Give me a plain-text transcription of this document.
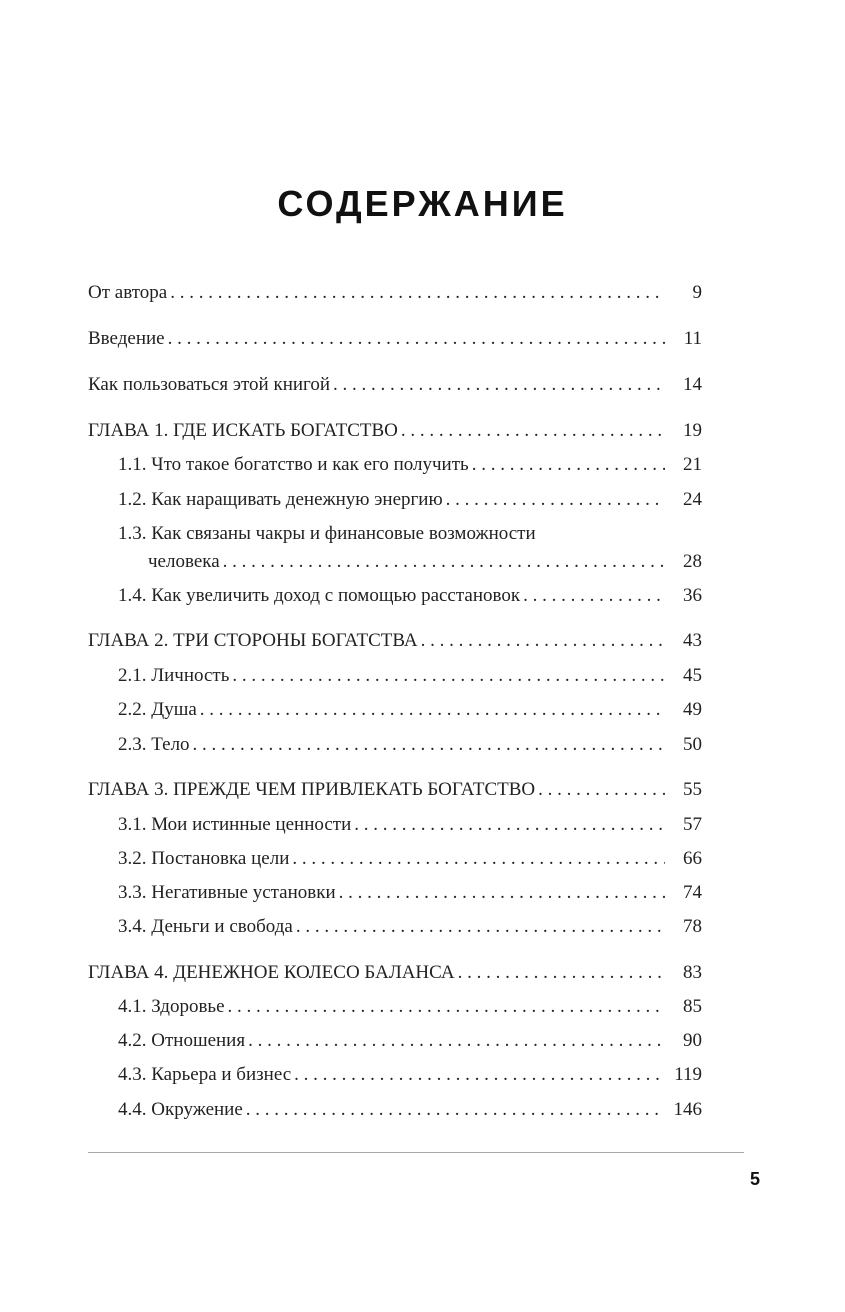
СОДЕРЖАНИЕ
От автора . . .	9
Введение . . .	11
Как пользоваться этой книгой . . .	14
ГЛАВА 1. ГДЕ ИСКАТЬ БОГАТСТВО . . .	19
1.1. Что такое богатство и как его получить . . .	21
1.2. Как наращивать денежную энергию . . .	24
1.3. Как связаны чакры и финансовые возможности
человека . . .	28
1.4. Как увеличить доход с помощью расстановок . . .	36
ГЛАВА 2. ТРИ СТОРОНЫ БОГАТСТВА . . .	43
2.1. Личность . . .	45
2.2. Душа . . .	49
2.3. Тело . . .	50
ГЛАВА 3. ПРЕЖДЕ ЧЕМ ПРИВЛЕКАТЬ БОГАТСТВО . . .	55
3.1. Мои истинные ценности . . .	57
3.2. Постановка цели . . .	66
3.3. Негативные установки . . .	74
3.4. Деньги и свобода . . .	78
ГЛАВА 4. ДЕНЕЖНОЕ КОЛЕСО БАЛАНСА . . .	83
4.1. Здоровье . . .	85
4.2. Отношения . . .	90
4.3. Карьера и бизнес . . .	119
4.4. Окружение . . .	146
5
